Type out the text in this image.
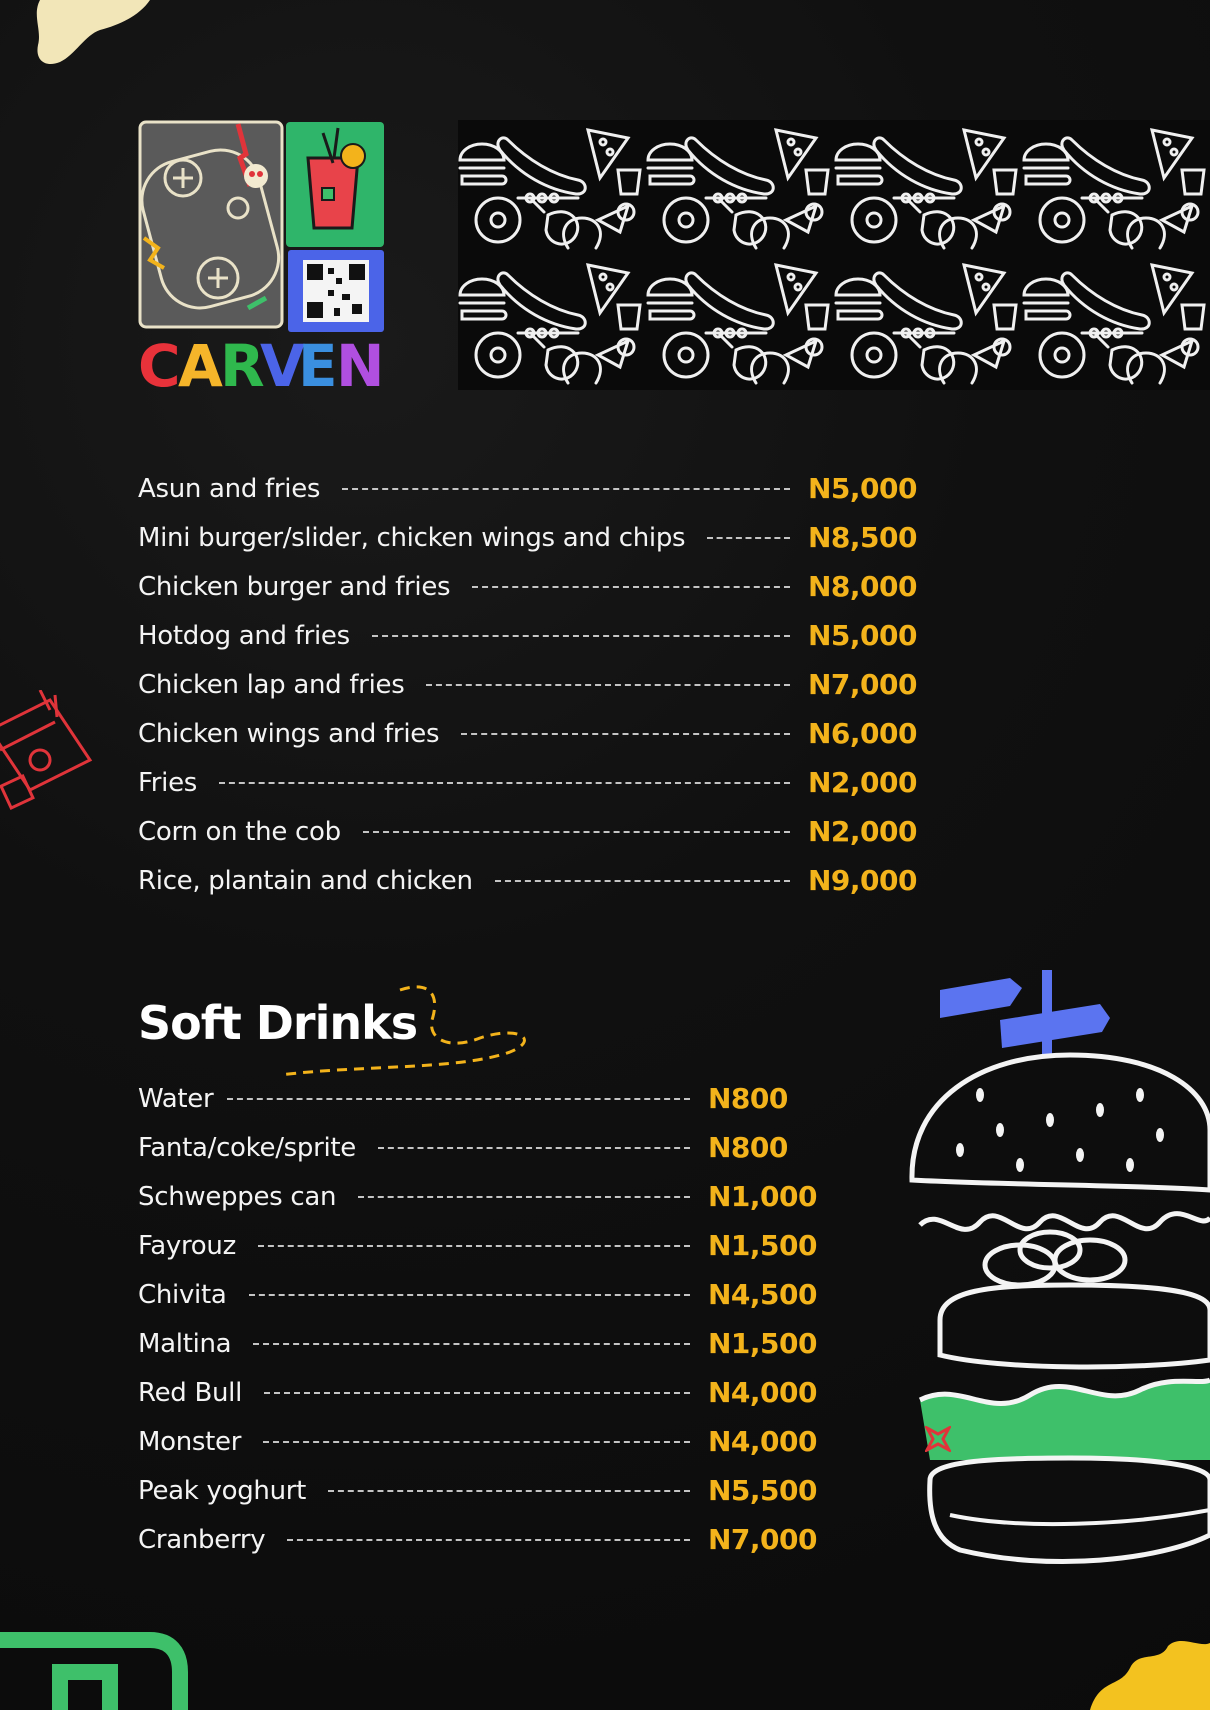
C
A
R
V
E
N
Asun and fries	N5,000
Mini burger/slider, chicken wings and chips	N8,500
Chicken burger and fries	N8,000
Hotdog and fries	N5,000
Chicken lap and fries	N7,000
Chicken wings and fries	N6,000
Fries	N2,000
Corn on the cob	N2,000
Rice, plantain and chicken	N9,000
Soft Drinks
Water	N800
Fanta/coke/sprite	N800
Schweppes can	N1,000
Fayrouz	N1,500
Chivita	N4,500
Maltina	N1,500
Red Bull	N4,000
Monster	N4,000
Peak yoghurt	N5,500
Cranberry	N7,000
